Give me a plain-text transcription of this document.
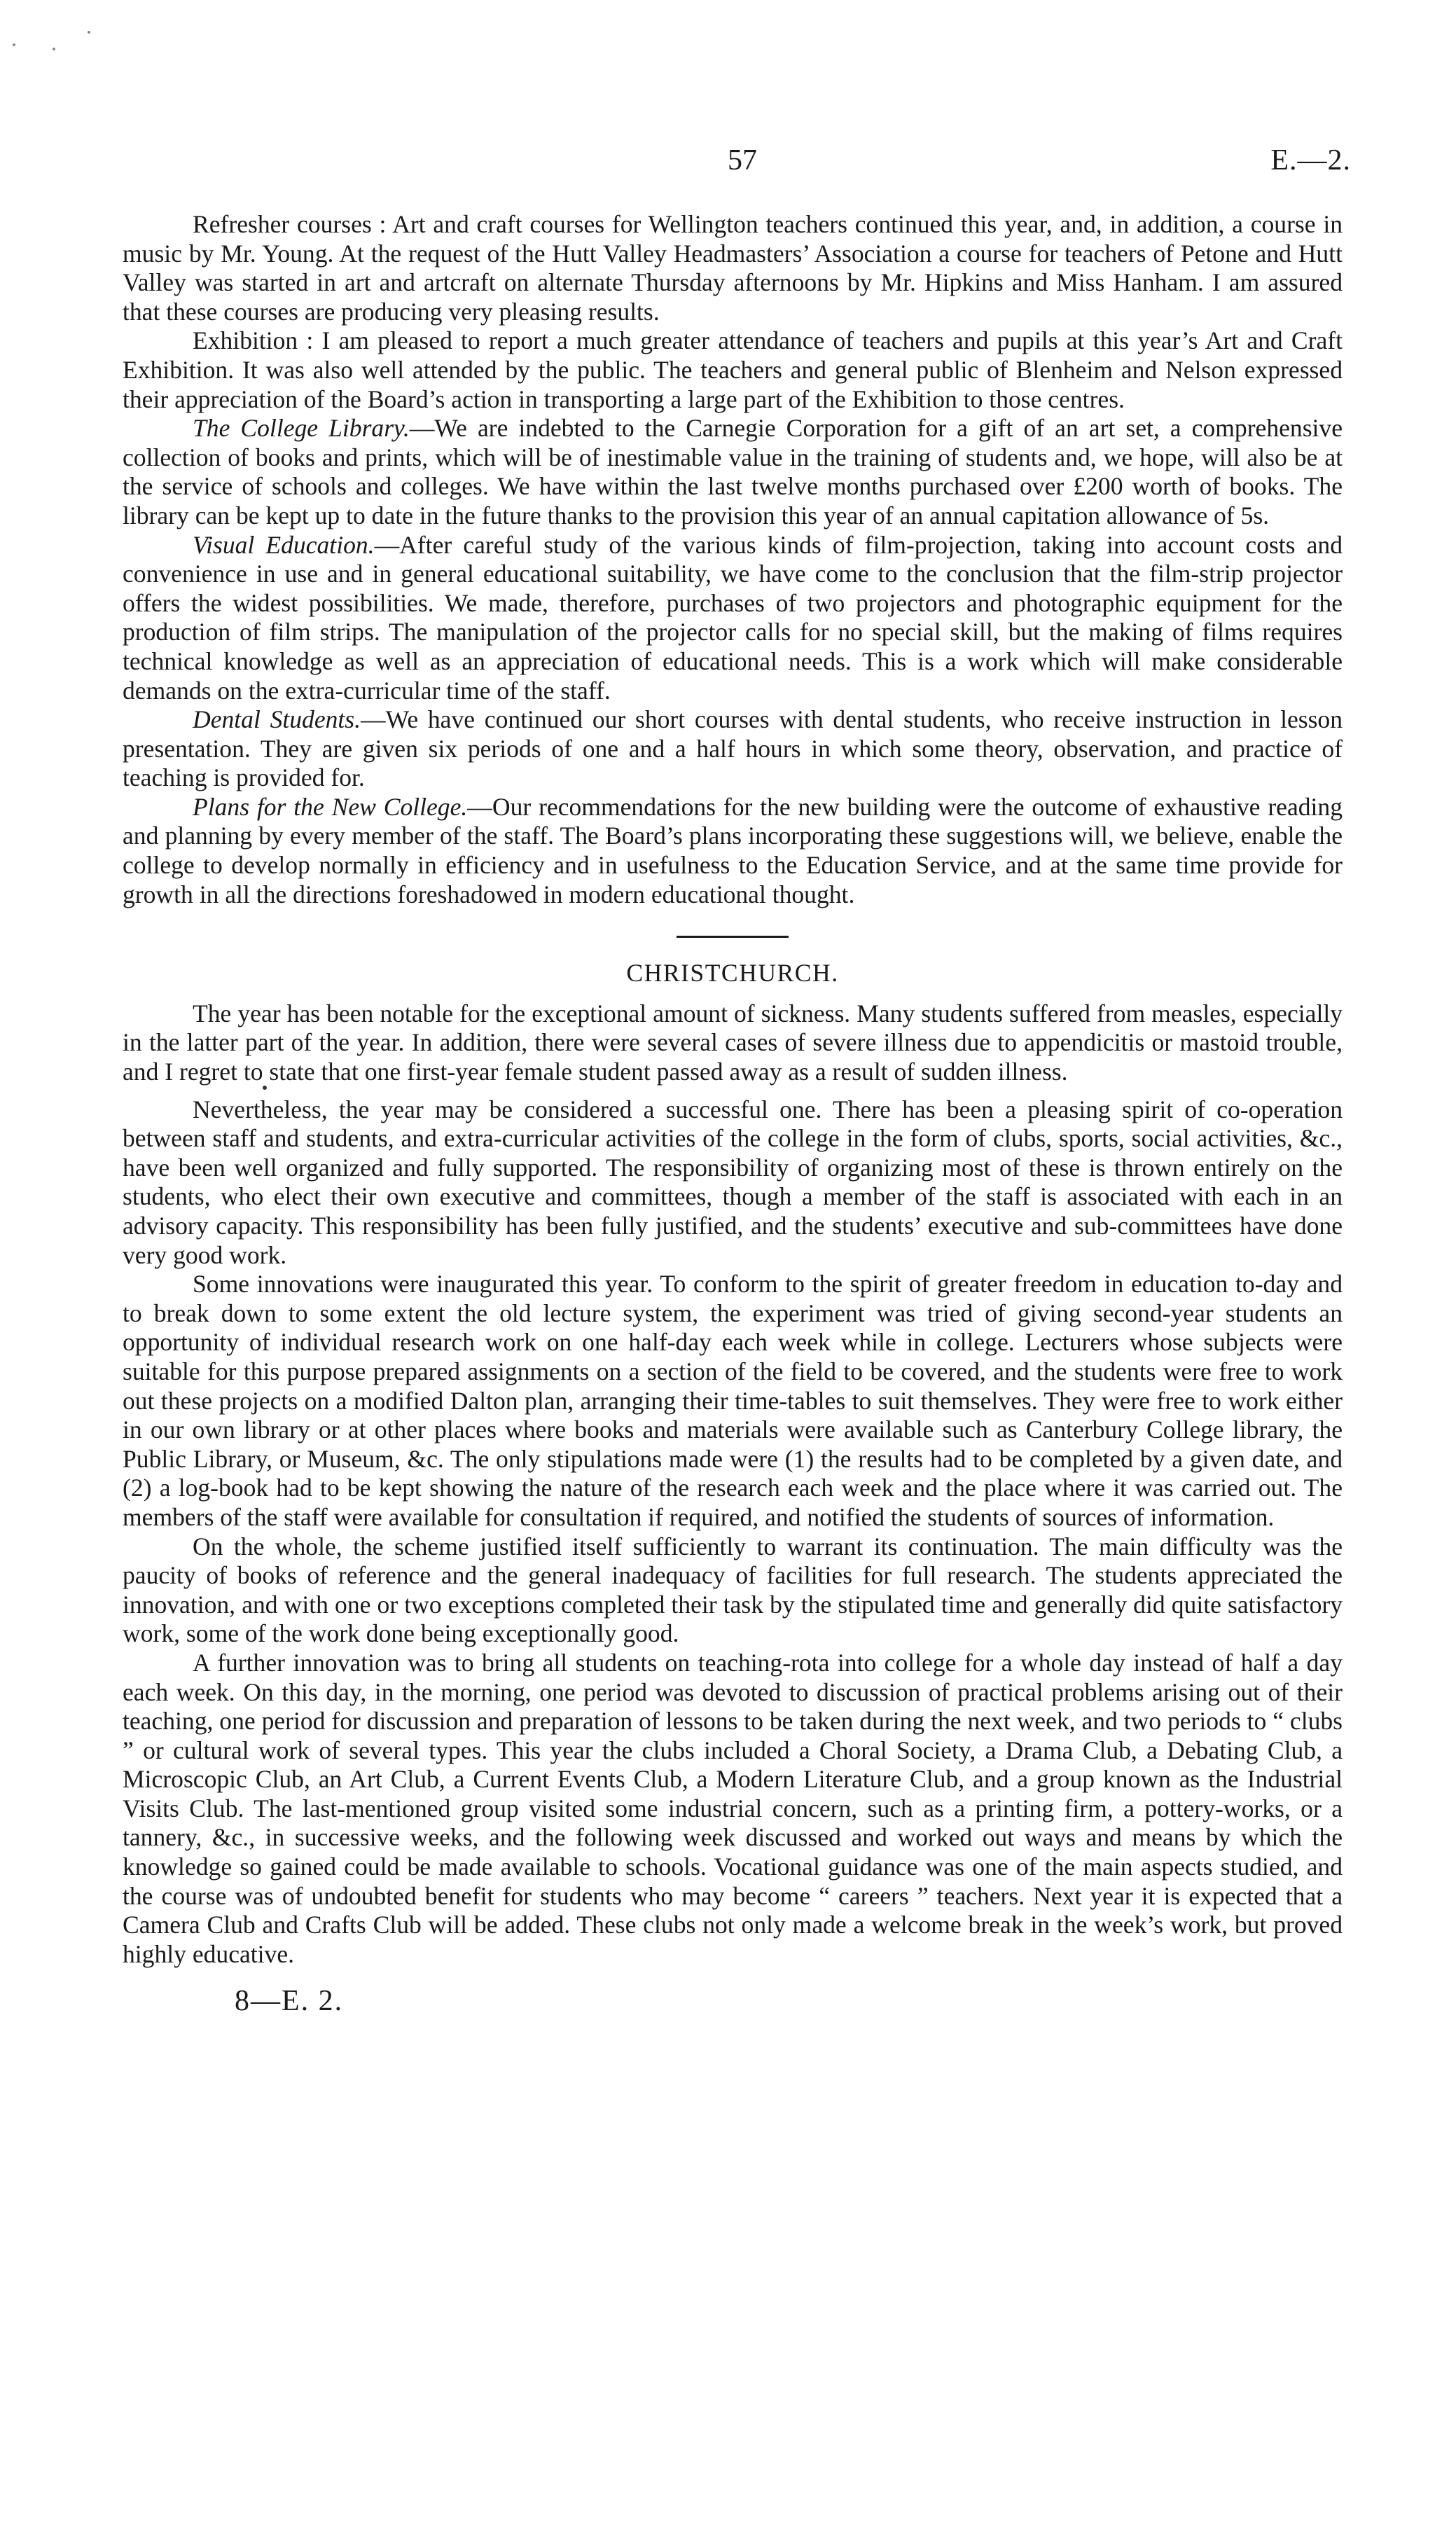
57	E.—2.

Refresher courses : Art and craft courses for Wellington teachers continued this year, and, in addition, a course in music by Mr. Young. At the request of the Hutt Valley Headmasters’ Association a course for teachers of Petone and Hutt Valley was started in art and artcraft on alternate Thursday afternoons by Mr. Hipkins and Miss Hanham. I am assured that these courses are producing very pleasing results.

Exhibition : I am pleased to report a much greater attendance of teachers and pupils at this year’s Art and Craft Exhibition. It was also well attended by the public. The teachers and general public of Blenheim and Nelson expressed their appreciation of the Board’s action in transporting a large part of the Exhibition to those centres.

The College Library.—We are indebted to the Carnegie Corporation for a gift of an art set, a comprehensive collection of books and prints, which will be of inestimable value in the training of students and, we hope, will also be at the service of schools and colleges. We have within the last twelve months purchased over £200 worth of books. The library can be kept up to date in the future thanks to the provision this year of an annual capitation allowance of 5s.

Visual Education.—After careful study of the various kinds of film-projection, taking into account costs and convenience in use and in general educational suitability, we have come to the conclusion that the film-strip projector offers the widest possibilities. We made, therefore, purchases of two projectors and photographic equipment for the production of film strips. The manipulation of the projector calls for no special skill, but the making of films requires technical knowledge as well as an appreciation of educational needs. This is a work which will make considerable demands on the extra-curricular time of the staff.

Dental Students.—We have continued our short courses with dental students, who receive instruction in lesson presentation. They are given six periods of one and a half hours in which some theory, observation, and practice of teaching is provided for.

Plans for the New College.—Our recommendations for the new building were the outcome of exhaustive reading and planning by every member of the staff. The Board’s plans incorporating these suggestions will, we believe, enable the college to develop normally in efficiency and in usefulness to the Education Service, and at the same time provide for growth in all the directions foreshadowed in modern educational thought.

CHRISTCHURCH.

The year has been notable for the exceptional amount of sickness. Many students suffered from measles, especially in the latter part of the year. In addition, there were several cases of severe illness due to appendicitis or mastoid trouble, and I regret to state that one first-year female student passed away as a result of sudden illness.

Nevertheless, the year may be considered a successful one. There has been a pleasing spirit of co-operation between staff and students, and extra-curricular activities of the college in the form of clubs, sports, social activities, &c., have been well organized and fully supported. The responsibility of organizing most of these is thrown entirely on the students, who elect their own executive and committees, though a member of the staff is associated with each in an advisory capacity. This responsibility has been fully justified, and the students’ executive and sub-committees have done very good work.

Some innovations were inaugurated this year. To conform to the spirit of greater freedom in education to-day and to break down to some extent the old lecture system, the experiment was tried of giving second-year students an opportunity of individual research work on one half-day each week while in college. Lecturers whose subjects were suitable for this purpose prepared assignments on a section of the field to be covered, and the students were free to work out these projects on a modified Dalton plan, arranging their time-tables to suit themselves. They were free to work either in our own library or at other places where books and materials were available such as Canterbury College library, the Public Library, or Museum, &c. The only stipulations made were (1) the results had to be completed by a given date, and (2) a log-book had to be kept showing the nature of the research each week and the place where it was carried out. The members of the staff were available for consultation if required, and notified the students of sources of information.

On the whole, the scheme justified itself sufficiently to warrant its continuation. The main difficulty was the paucity of books of reference and the general inadequacy of facilities for full research. The students appreciated the innovation, and with one or two exceptions completed their task by the stipulated time and generally did quite satisfactory work, some of the work done being exceptionally good.

A further innovation was to bring all students on teaching-rota into college for a whole day instead of half a day each week. On this day, in the morning, one period was devoted to discussion of practical problems arising out of their teaching, one period for discussion and preparation of lessons to be taken during the next week, and two periods to “ clubs ” or cultural work of several types. This year the clubs included a Choral Society, a Drama Club, a Debating Club, a Microscopic Club, an Art Club, a Current Events Club, a Modern Literature Club, and a group known as the Industrial Visits Club. The last-mentioned group visited some industrial concern, such as a printing firm, a pottery-works, or a tannery, &c., in successive weeks, and the following week discussed and worked out ways and means by which the knowledge so gained could be made available to schools. Vocational guidance was one of the main aspects studied, and the course was of undoubted benefit for students who may become “ careers ” teachers. Next year it is expected that a Camera Club and Crafts Club will be added. These clubs not only made a welcome break in the week’s work, but proved highly educative.

8—E. 2.
